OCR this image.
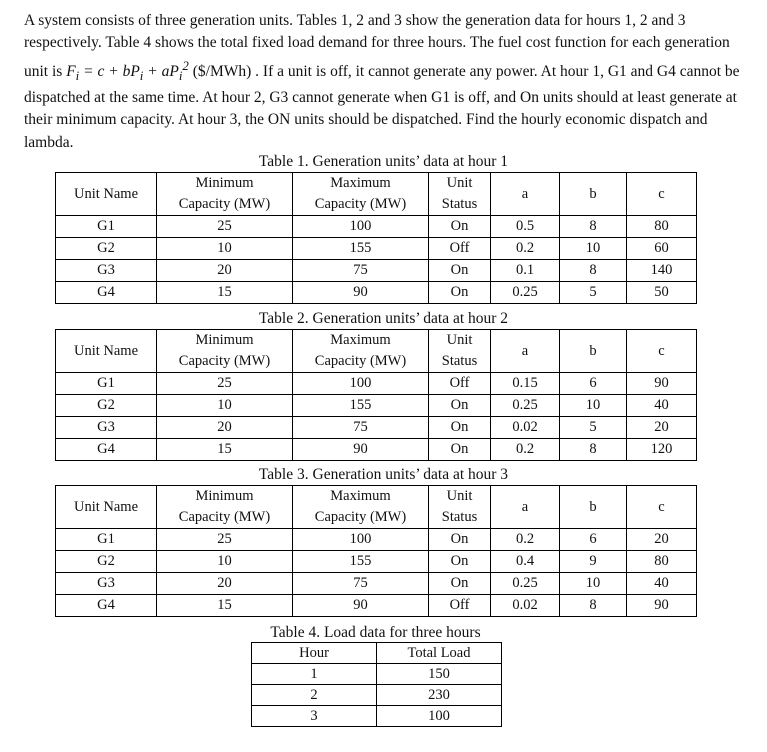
A system consists of three generation units. Tables 1, 2 and 3 show the generation data for hours 1, 2 and 3 respectively. Table 4 shows the total fixed load demand for three hours. The fuel cost function for each generation unit is $F_i = c + bP_i + aP_i^2$ ($/MWh) . If a unit is off, it cannot generate any power. At hour 1, G1 and G4 cannot be dispatched at the same time. At hour 2, G3 cannot generate when G1 is off, and On units should at least generate at their minimum capacity. At hour 3, the ON units should be dispatched. Find the hourly economic dispatch and lambda.

Table 1. Generation units’ data at hour 1
Unit Name	Minimum	Maximum	Unit	a	b	c
	Capacity (MW)	Capacity (MW)	Status			
G1	25	100	On	0.5	8	80
G2	10	155	Off	0.2	10	60
G3	20	75	On	0.1	8	140
G4	15	90	On	0.25	5	50
Table 2. Generation units’ data at hour 2
Unit Name	Minimum	Maximum	Unit	a	b	c
	Capacity (MW)	Capacity (MW)	Status			
G1	25	100	Off	0.15	6	90
G2	10	155	On	0.25	10	40
G3	20	75	On	0.02	5	20
G4	15	90	On	0.2	8	120
Table 3. Generation units’ data at hour 3
Unit Name	Minimum	Maximum	Unit	a	b	c
	Capacity (MW)	Capacity (MW)	Status			
G1	25	100	On	0.2	6	20
G2	10	155	On	0.4	9	80
G3	20	75	On	0.25	10	40
G4	15	90	Off	0.02	8	90
Table 4. Load data for three hours
Hour	Total Load
1	150
2	230
3	100
